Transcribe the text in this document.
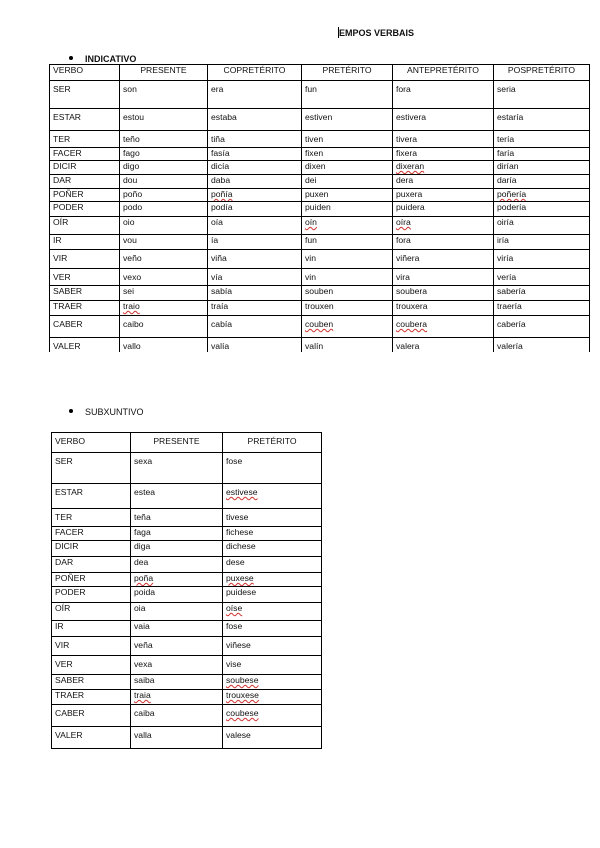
EMPOS VERBAIS
INDICATIVO
VERBO	PRESENTE	COPRETÉRITO	PRETÉRITO	ANTEPRETÉRITO	POSPRETÉRITO
SER	son	era	fun	fora	seria
ESTAR	estou	estaba	estiven	estivera	estaría
TER	teño	tiña	tiven	tivera	tería
FACER	fago	fasía	fixen	fixera	faría
DICIR	digo	dicía	dixen	dixeran	dirían
DAR	dou	daba	dei	dera	daría
POÑER	poño	poñía	puxen	puxera	poñería
PODER	podo	podía	puiden	puidera	podería
OÍR	oio	oía	oín	oíra	oiría
IR	vou	ía	fun	fora	iría
VIR	veño	viña	vin	viñera	viría
VER	vexo	vía	vin	vira	vería
SABER	sei	sabía	souben	soubera	sabería
TRAER	traio	traía	trouxen	trouxera	traería
CABER	caibo	cabía	couben	coubera	cabería
VALER	vallo	valía	valín	valera	valería
SUBXUNTIVO
VERBO	PRESENTE	PRETÉRITO
SER	sexa	fose
ESTAR	estea	estivese
TER	teña	tivese
FACER	faga	fichese
DICIR	diga	dichese
DAR	dea	dese
POÑER	poña	puxese
PODER	poida	puidese
OÍR	oia	oíse
IR	vaia	fose
VIR	veña	viñese
VER	vexa	vise
SABER	saiba	soubese
TRAER	traia	trouxese
CABER	caiba	coubese
VALER	valla	valese
